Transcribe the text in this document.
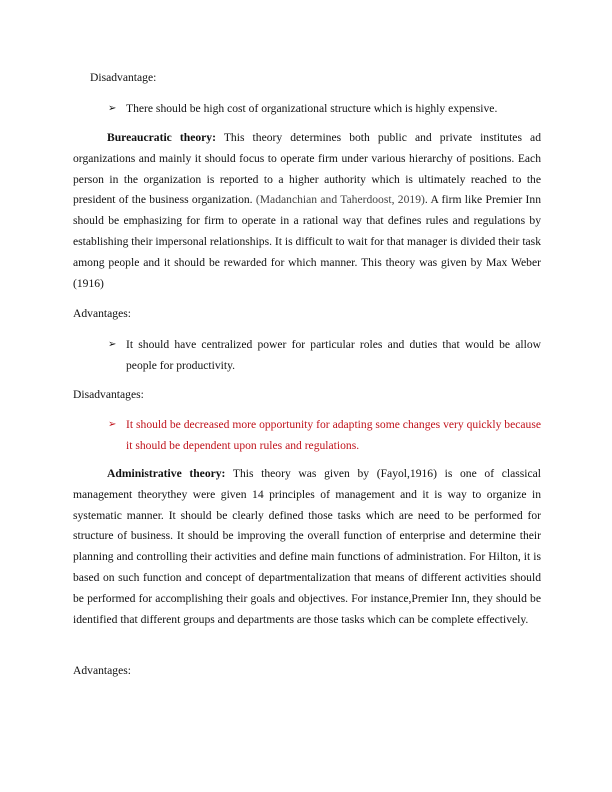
Disadvantage:

➢ There should be high cost of organizational structure which is highly expensive.

Bureaucratic theory: This theory determines both public and private institutes ad organizations and mainly it should focus to operate firm under various hierarchy of positions. Each person in the organization is reported to a higher authority which is ultimately reached to the president of the business organization. (Madanchian and Taherdoost, 2019). A firm like Premier Inn should be emphasizing for firm to operate in a rational way that defines rules and regulations by establishing their impersonal relationships. It is difficult to wait for that manager is divided their task among people and it should be rewarded for which manner. This theory was given by Max Weber (1916)

Advantages:

➢ It should have centralized power for particular roles and duties that would be allow people for productivity.

Disadvantages:

➢ It should be decreased more opportunity for adapting some changes very quickly because it should be dependent upon rules and regulations.

Administrative theory: This theory was given by (Fayol,1916) is one of classical management theorythey were given 14 principles of management and it is way to organize in systematic manner. It should be clearly defined those tasks which are need to be performed for structure of business. It should be improving the overall function of enterprise and determine their planning and controlling their activities and define main functions of administration. For Hilton, it is based on such function and concept of departmentalization that means of different activities should be performed for accomplishing their goals and objectives. For instance,Premier Inn, they should be identified that different groups and departments are those tasks which can be complete effectively.

Advantages:
